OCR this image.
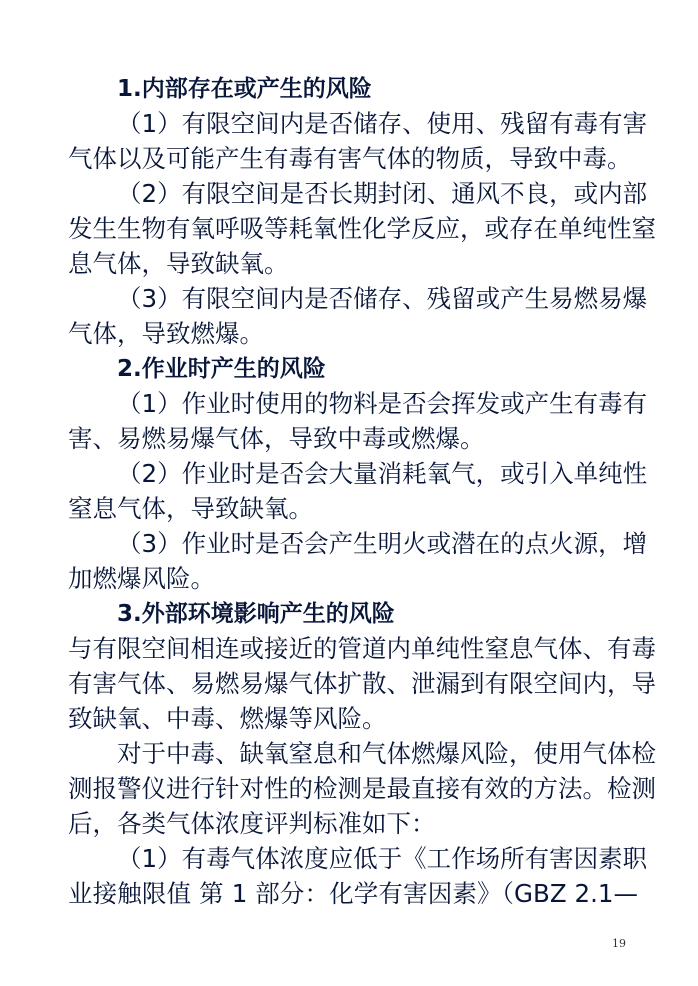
1.内部存在或产生的风险
（1）有限空间内是否储存、使用、残留有毒有害
气体以及可能产生有毒有害气体的物质，导致中毒。
（2）有限空间是否长期封闭、通风不良，或内部
发生生物有氧呼吸等耗氧性化学反应，或存在单纯性窒
息气体，导致缺氧。
（3）有限空间内是否储存、残留或产生易燃易爆
气体，导致燃爆。
2.作业时产生的风险
（1）作业时使用的物料是否会挥发或产生有毒有
害、易燃易爆气体，导致中毒或燃爆。
（2）作业时是否会大量消耗氧气，或引入单纯性
窒息气体，导致缺氧。
（3）作业时是否会产生明火或潜在的点火源，增
加燃爆风险。
3.外部环境影响产生的风险
与有限空间相连或接近的管道内单纯性窒息气体、有毒
有害气体、易燃易爆气体扩散、泄漏到有限空间内，导
致缺氧、中毒、燃爆等风险。
对于中毒、缺氧窒息和气体燃爆风险，使用气体检
测报警仪进行针对性的检测是最直接有效的方法。检测
后，各类气体浓度评判标准如下：
（1）有毒气体浓度应低于《工作场所有害因素职
业接触限值 第 1 部分：化学有害因素》（GBZ 2.1—
19
